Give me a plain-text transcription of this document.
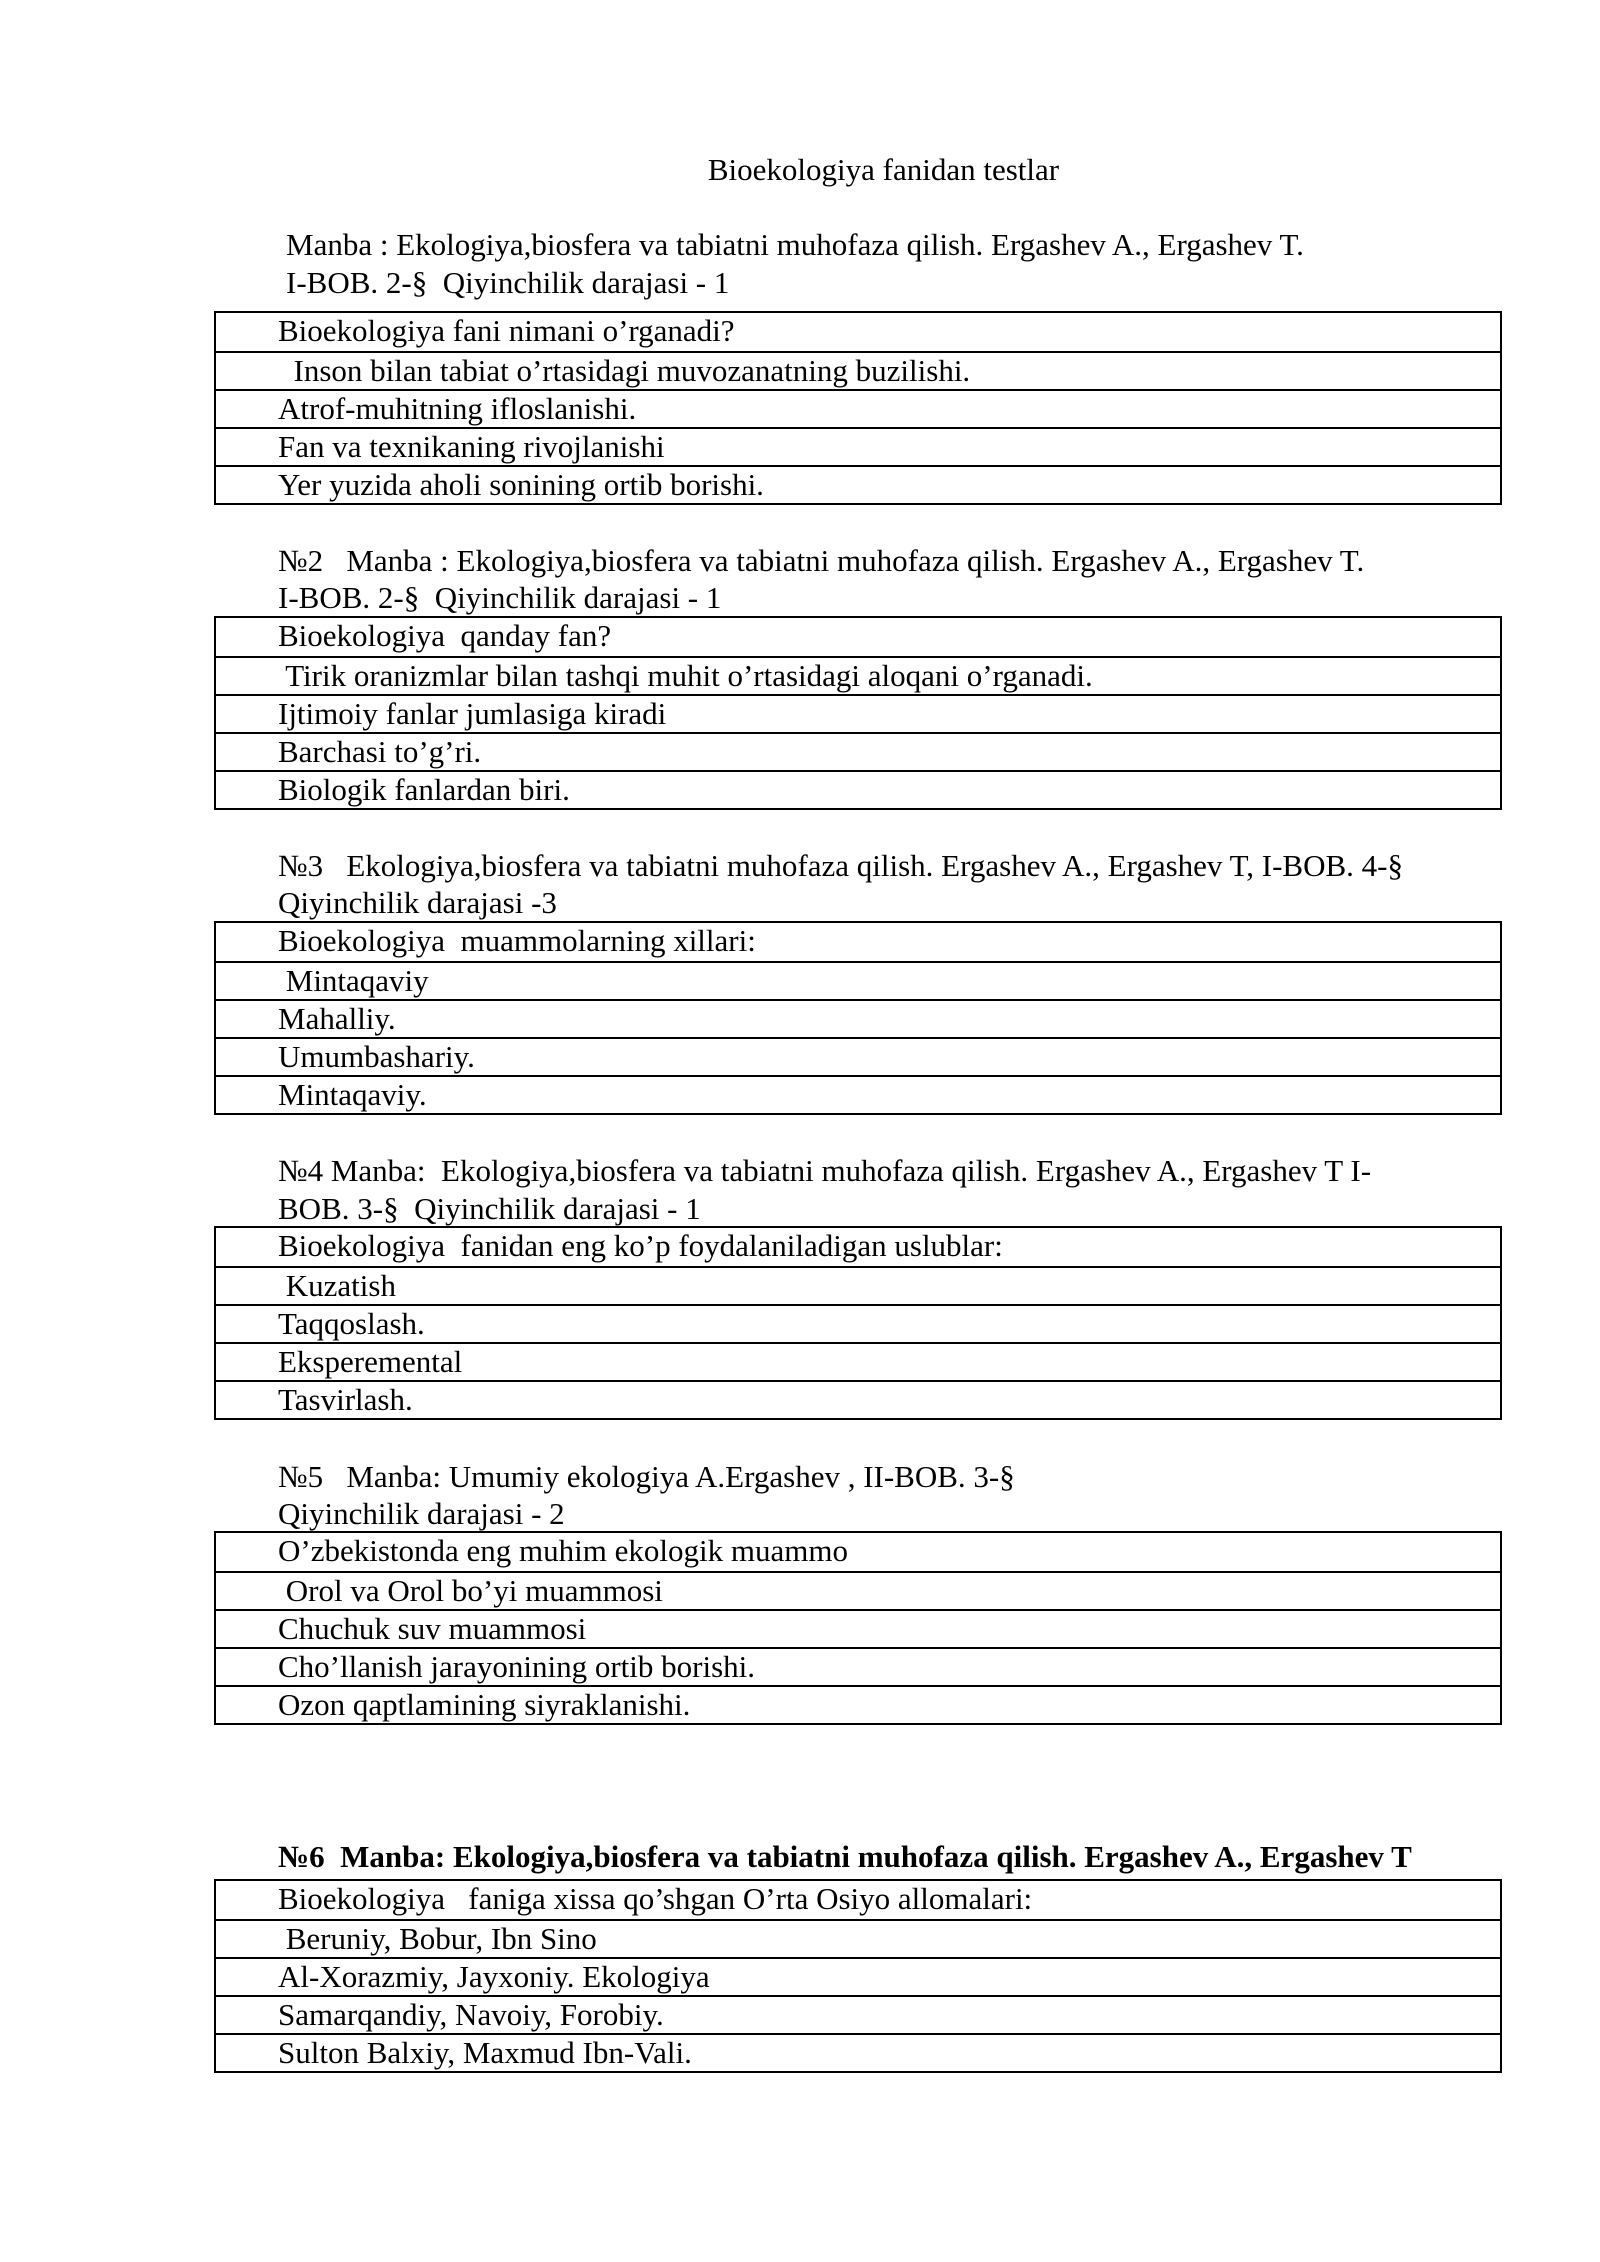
Bioekologiya fanidan testlar
Manba : Ekologiya,biosfera va tabiatni muhofaza qilish. Ergashev A., Ergashev T.
I-BOB. 2-§  Qiyinchilik darajasi - 1
Bioekologiya fani nimani o’rganadi?
Inson bilan tabiat o’rtasidagi muvozanatning buzilishi.
Atrof-muhitning ifloslanishi.
Fan va texnikaning rivojlanishi
Yer yuzida aholi sonining ortib borishi.
№2   Manba : Ekologiya,biosfera va tabiatni muhofaza qilish. Ergashev A., Ergashev T.
I-BOB. 2-§  Qiyinchilik darajasi - 1
Bioekologiya  qanday fan?
Tirik oranizmlar bilan tashqi muhit o’rtasidagi aloqani o’rganadi.
Ijtimoiy fanlar jumlasiga kiradi
Barchasi to’g’ri.
Biologik fanlardan biri.
№3   Ekologiya,biosfera va tabiatni muhofaza qilish. Ergashev A., Ergashev T, I-BOB. 4-§
Qiyinchilik darajasi -3
Bioekologiya  muammolarning xillari:
Mintaqaviy
Mahalliy.
Umumbashariy.
Mintaqaviy.
№4 Manba:  Ekologiya,biosfera va tabiatni muhofaza qilish. Ergashev A., Ergashev T I-
BOB. 3-§  Qiyinchilik darajasi - 1
Bioekologiya  fanidan eng ko’p foydalaniladigan uslublar:
Kuzatish
Taqqoslash.
Eksperemental
Tasvirlash.
№5   Manba: Umumiy ekologiya A.Ergashev , II-BOB. 3-§
Qiyinchilik darajasi - 2
O’zbekistonda eng muhim ekologik muammo
Orol va Orol bo’yi muammosi
Chuchuk suv muammosi
Cho’llanish jarayonining ortib borishi.
Ozon qaptlamining siyraklanishi.
№6  Manba: Ekologiya,biosfera va tabiatni muhofaza qilish. Ergashev A., Ergashev T
Bioekologiya   faniga xissa qo’shgan O’rta Osiyo allomalari:
Beruniy, Bobur, Ibn Sino
Al-Xorazmiy, Jayxoniy. Ekologiya
Samarqandiy, Navoiy, Forobiy.
Sulton Balxiy, Maxmud Ibn-Vali.
